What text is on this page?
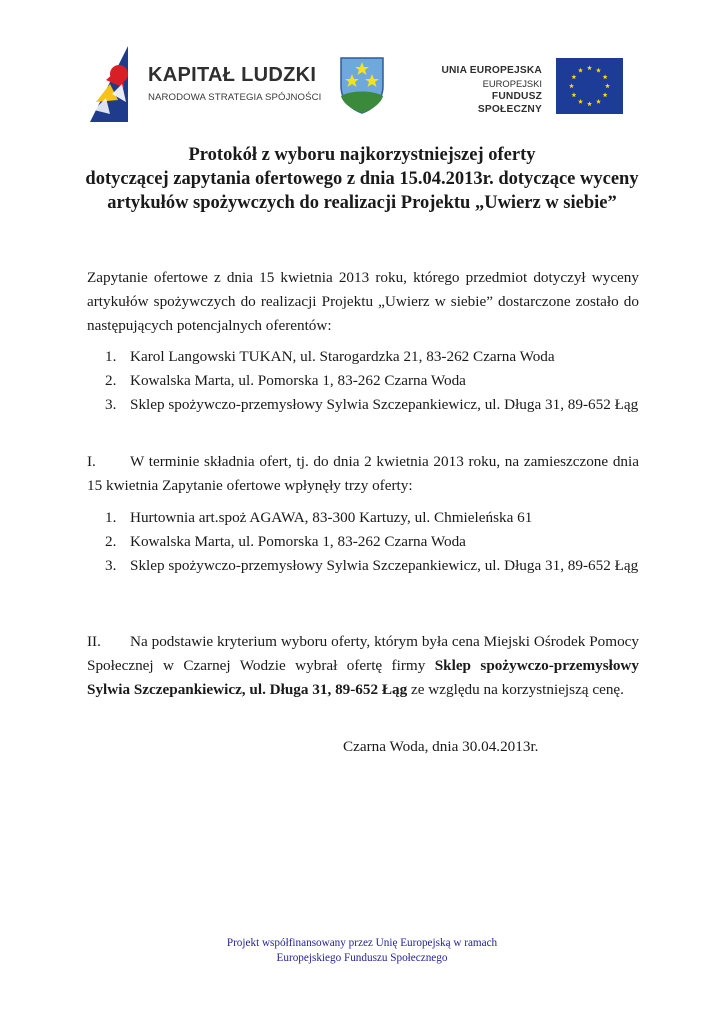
KAPITAŁ LUDZKI
NARODOWA STRATEGIA SPÓJNOŚCI
UNIA EUROPEJSKA
EUROPEJSKI
FUNDUSZ SPOŁECZNY
Protokół z wyboru najkorzystniejszej oferty
dotyczącej zapytania ofertowego z dnia 15.04.2013r. dotyczące wyceny
artykułów spożywczych do realizacji Projektu „Uwierz w siebie”
Zapytanie ofertowe z dnia 15 kwietnia 2013 roku, którego przedmiot dotyczył wyceny artykułów spożywczych do realizacji Projektu „Uwierz w siebie” dostarczone zostało do następujących potencjalnych oferentów:
1. Karol Langowski TUKAN, ul. Starogardzka 21, 83-262 Czarna Woda
2. Kowalska Marta, ul. Pomorska 1, 83-262 Czarna Woda
3. Sklep spożywczo-przemysłowy Sylwia Szczepankiewicz, ul. Długa 31, 89-652 Łąg
I. W terminie składnia ofert, tj. do dnia 2 kwietnia 2013 roku, na zamieszczone dnia 15 kwietnia Zapytanie ofertowe wpłynęły trzy oferty:
1. Hurtownia art.spoż AGAWA, 83-300 Kartuzy, ul. Chmieleńska 61
2. Kowalska Marta, ul. Pomorska 1, 83-262 Czarna Woda
3. Sklep spożywczo-przemysłowy Sylwia Szczepankiewicz, ul. Długa 31, 89-652 Łąg
II. Na podstawie kryterium wyboru oferty, którym była cena Miejski Ośrodek Pomocy Społecznej w Czarnej Wodzie wybrał ofertę firmy Sklep spożywczo-przemysłowy Sylwia Szczepankiewicz, ul. Długa 31, 89-652 Łąg ze względu na korzystniejszą cenę.
Czarna Woda, dnia 30.04.2013r.
Projekt współfinansowany przez Unię Europejską w ramach
Europejskiego Funduszu Społecznego
